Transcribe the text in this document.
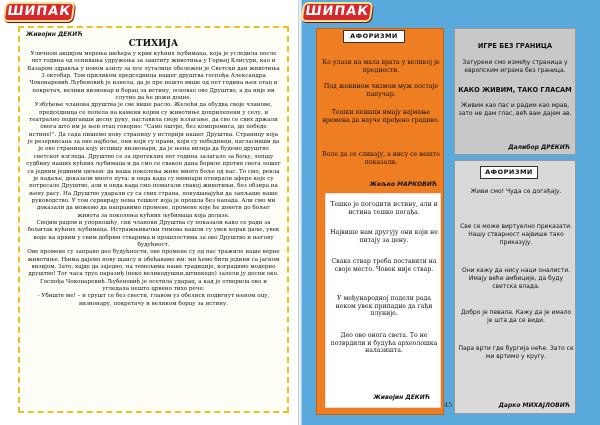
ШИПАК	ШИПАК
Живојин ДЕКИЋ
СТИХИЈА

Уличном акцијом мерења шећера у крви кућних љубимаца, која је уследила после пет година од оснивања удружења за заштиту животиња у Горњој Клисури, као и Базаром здравља у новом азилу за псе луталице обележен је Светски дан животиња 3 октобар. Том приликом председница нашег друштва госпођа Александра Чоконаревић Љубеновић је изнела, да је пре нешто више од пет година њен отац и покретач, велики визионар и борац за истину, основао ово Друштво, а да није ни слутио да ће дожи доцне.

Узбуђење чланова друштва је све више расло. Желећи да обудва своје чланове, председница се попела на камени којим су животиње доприлепени у селу, и театрално подигавши десну руку, наставила своје излагање, да сво се свих држали овога што им је њен отац говорио: "Само оштро, без компромиса, до победе истине!". Да сада пишемо нову страницу у историји нашег Друштва. Страницу која је резервисана за оне најбоље, они који су прави, који су победници, нагласивши да је ово страница коју испишу визионари, да је њена визија да будемо друштво светског изгледа. Друштво се за протеклих пет година залагало за бољу, лепшу судбину наших кућних љубимаца и да смо се свакоп дана бориле против свега лошег са једним јединим циљем: да наша поколења живе много боље од нас. То смо, рекла је надаље, доказали много пута: и онда када су ювинари отпирали афере које су потресале Друштво, али и онда када смо помагали свакој животињи, без обзира на њену расу. На Друштво ударали су са свих страна, покушавајући да запљаше наше руководство. У том сервирају нема тешког која је прошла без напада. Али смо ми доказали да можемо да направимо промене, промене које ће донети до бољег живота за поколења кућних љубимаца која долазе.

Својим радом и упорношћу, сви чланови Друштва су показали како се ради за бољитак кућних љубимаца. Истражњивачки тимова нашли су увек корак даље, увек воде ка првим у свим добрим стварима и прошлостима за ово Друштво и његову будућност.

Ове промене су заправо део будућности, ове промене су од нас тражиле наше верне животиње. Њима дајемо нову шансу и обећавамо им: ми ћемо бити једини са јасном визијом. Зато, хајде да заједно, на темељима наше традиције, изградимо модерно друштво! Тог часа труо паразиђ (неко великодушни,штипкедо) залели ју десни око. Госпођа Чоконаревић Љубеновић је осетила ударац, а кад је отворила око и угледала нешто црвено тихо рече:

- Убиште ме! – и срушт се без свести, главом уз обелиск подигнут њеном оцу, визионару, покретачу и великом борцу за истину.

Ко улази на мала врата у великој је предности.
Под женином чизмом муж постаје папучар.
Тешки пешаци имају најмање времена да науче пређено градиво.
Воле да се сликају, а нису се нешто показали.
Жељко МАРКОВИЋ
АФОРИЗМИ
Тешко је погодити истину, али и истина тешко погађа.
Највише нам другују они који не питају за цену.
Свака ствар треба поставити на своје место. Човек није ствар.
У међународној подели рада неком увек припадне да гађи плуније.
Део ово онога света. То не потврдили и будућа археолошка налазишта.
Живојин ДЕКИЋ
ИГРЕ БЕЗ ГРАНИЦА
Затурени смо између страница у европским играма без граница.
КАКО ЖИВИМ, ТАКО ГЛАСАМ
Живим као пас и радим као мрав, зато не дам глас, већ вам дајем ав.
Далибор ДРЕКИЋ
Живи смо! Чуда се догађају.
Све се може виртуелно приказати. Нашу стварност највише тако приказују.
Они кажу да нису наци оналисти. Имају веће амбиције, да буду светска влада.
Добро је певала. Кажу да је имало је шта да се види.
Пара врти где бургија неће. Зато се ми вртимо у кругу.
Дарко МИХАЈЛОВИЋ
АФОРИЗМИ
45
